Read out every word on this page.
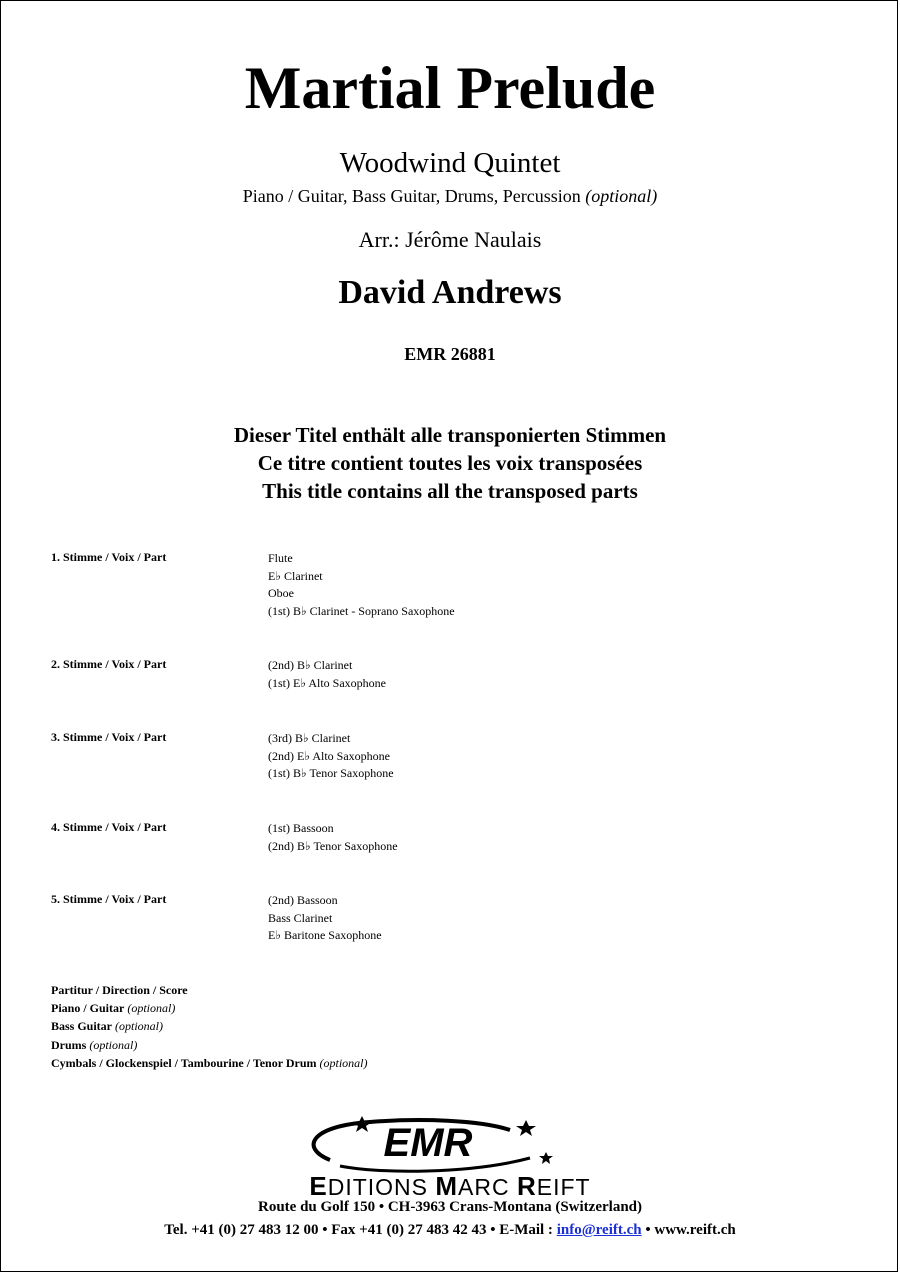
Martial Prelude
Woodwind Quintet
Piano / Guitar, Bass Guitar, Drums, Percussion (optional)
Arr.: Jérôme Naulais
David Andrews
EMR 26881
Dieser Titel enthält alle transponierten Stimmen
Ce titre contient toutes les voix transposées
This title contains all the transposed parts
1. Stimme / Voix / Part	Flute
E♭ Clarinet
Oboe
(1st) B♭ Clarinet - Soprano Saxophone
2. Stimme / Voix / Part	(2nd) B♭ Clarinet
(1st) E♭ Alto Saxophone
3. Stimme / Voix / Part	(3rd) B♭ Clarinet
(2nd) E♭ Alto Saxophone
(1st) B♭ Tenor Saxophone
4. Stimme / Voix / Part	(1st) Bassoon
(2nd) B♭ Tenor Saxophone
5. Stimme / Voix / Part	(2nd) Bassoon
Bass Clarinet
E♭ Baritone Saxophone
Partitur / Direction / Score
Piano / Guitar (optional)
Bass Guitar (optional)
Drums (optional)
Cymbals / Glockenspiel / Tambourine / Tenor Drum (optional)
EMR
EDITIONS MARC REIFT
Route du Golf 150 • CH-3963 Crans-Montana (Switzerland)
Tel. +41 (0) 27 483 12 00 • Fax +41 (0) 27 483 42 43 • E-Mail : info@reift.ch • www.reift.ch
